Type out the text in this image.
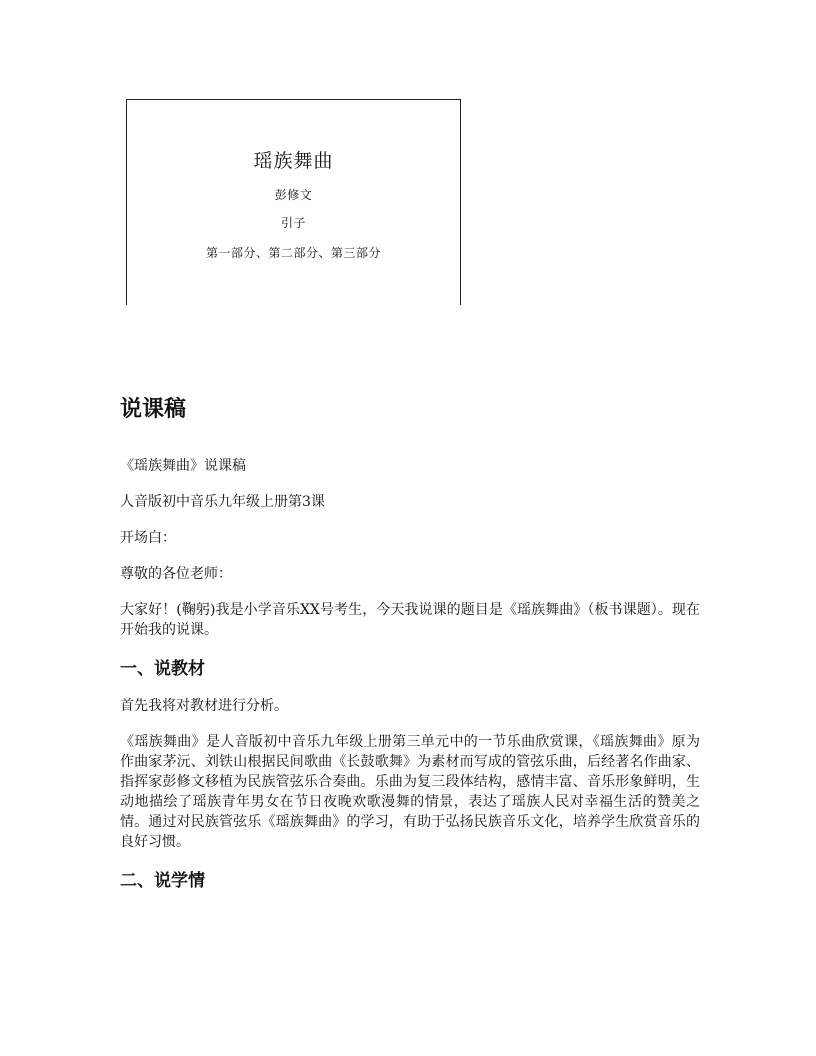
瑶族舞曲
彭修文
引子
第一部分、第二部分、第三部分
说课稿

《瑶族舞曲》说课稿

人音版初中音乐九年级上册第3课

开场白：

尊敬的各位老师：

大家好！(鞠躬)我是小学音乐XX号考生，今天我说课的题目是《瑶族舞曲》（板书课题）。现在开始我的说课。

一、说教材

首先我将对教材进行分析。

《瑶族舞曲》是人音版初中音乐九年级上册第三单元中的一节乐曲欣赏课，《瑶族舞曲》原为作曲家茅沅、刘铁山根据民间歌曲《长鼓歌舞》为素材而写成的管弦乐曲，后经著名作曲家、指挥家彭修文移植为民族管弦乐合奏曲。乐曲为复三段体结构，感情丰富、音乐形象鲜明，生动地描绘了瑶族青年男女在节日夜晚欢歌漫舞的情景，表达了瑶族人民对幸福生活的赞美之情。通过对民族管弦乐《瑶族舞曲》的学习，有助于弘扬民族音乐文化，培养学生欣赏音乐的良好习惯。

二、说学情
